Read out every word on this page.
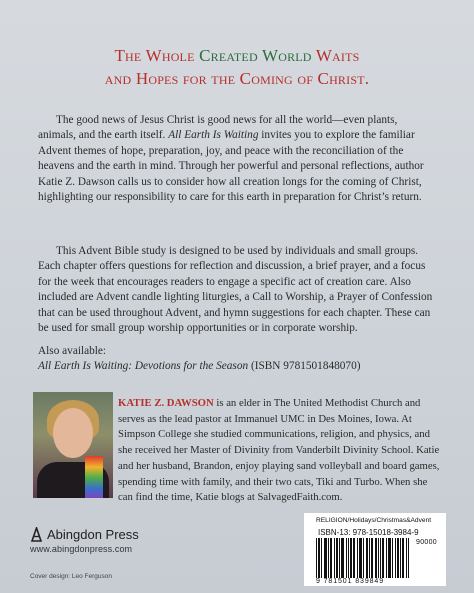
The Whole Created World Waits
and Hopes for the Coming of Christ.
The good news of Jesus Christ is good news for all the world—even plants, animals, and the earth itself. All Earth Is Waiting invites you to explore the familiar Advent themes of hope, preparation, joy, and peace with the reconciliation of the heavens and the earth in mind. Through her powerful and personal reflections, author Katie Z. Dawson calls us to consider how all creation longs for the coming of Christ, highlighting our responsibility to care for this earth in preparation for Christ’s return.
This Advent Bible study is designed to be used by individuals and small groups. Each chapter offers questions for reflection and discussion, a brief prayer, and a focus for the week that encourages readers to engage a specific act of creation care. Also included are Advent candle lighting liturgies, a Call to Worship, a Prayer of Confession that can be used throughout Advent, and hymn suggestions for each chapter. These can be used for small group worship opportunities or in corporate worship.
Also available:
All Earth Is Waiting: Devotions for the Season (ISBN 9781501848070)
KATIE Z. DAWSON is an elder in The United Methodist Church and serves as the lead pastor at Immanuel UMC in Des Moines, Iowa. At Simpson College she studied communications, religion, and physics, and she received her Master of Divinity from Vanderbilt Divinity School. Katie and her husband, Brandon, enjoy playing sand volleyball and board games, spending time with family, and their two cats, Tiki and Turbo. When she can find the time, Katie blogs at SalvagedFaith.com.
Abingdon Press
www.abingdonpress.com
Cover design: Leo Ferguson
RELIGION/Holidays/Christmas&Advent
ISBN-13: 978-15018-3984-9
90000
9 781501 839849
